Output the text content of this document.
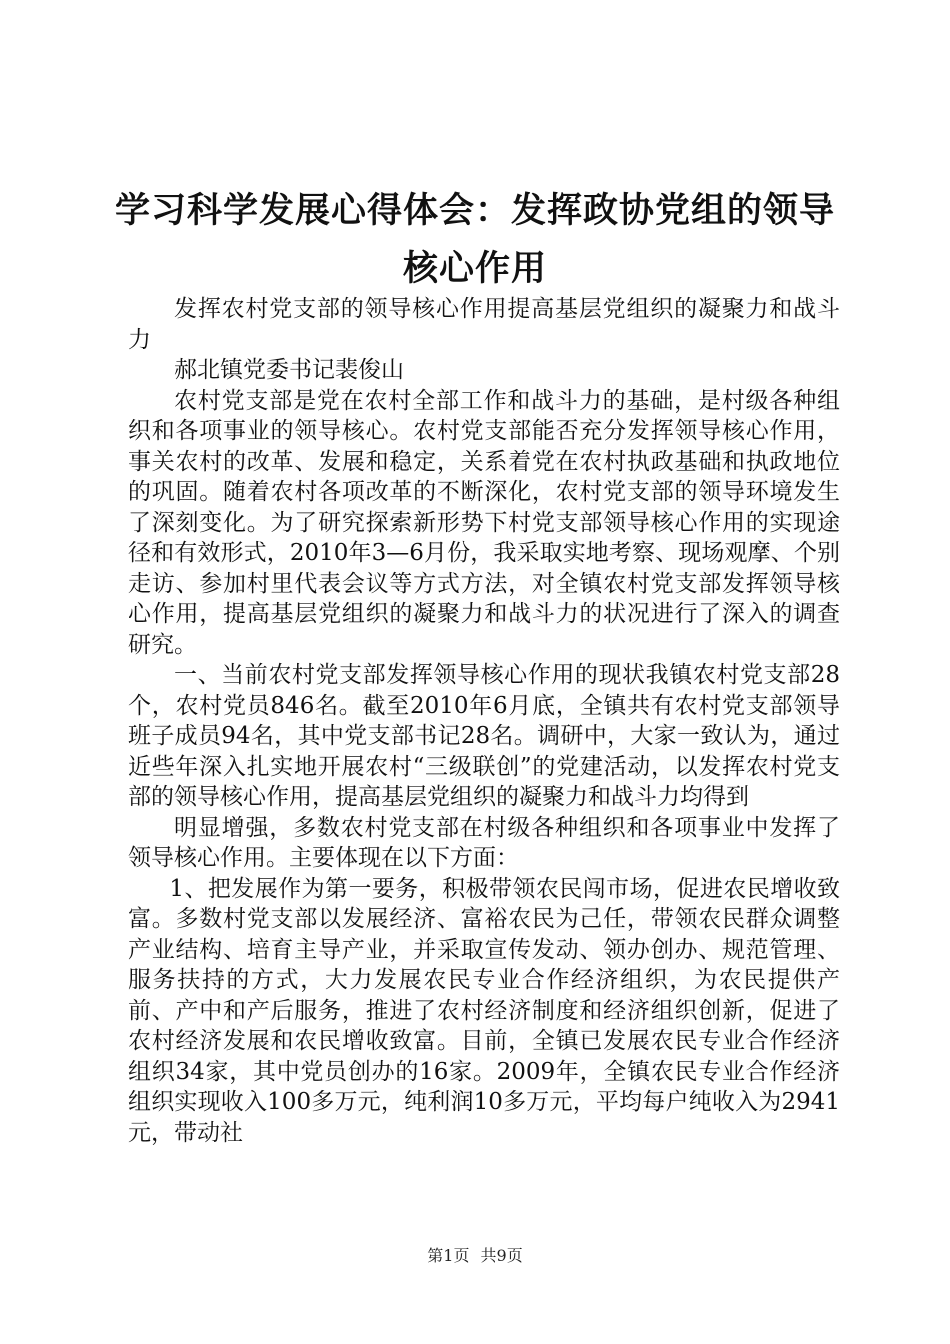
学习科学发展心得体会：发挥政协党组的领导核心作用

发挥农村党支部的领导核心作用提高基层党组织的凝聚力和战斗力

郝北镇党委书记裴俊山

农村党支部是党在农村全部工作和战斗力的基础，是村级各种组织和各项事业的领导核心。农村党支部能否充分发挥领导核心作用，事关农村的改革、发展和稳定，关系着党在农村执政基础和执政地位的巩固。随着农村各项改革的不断深化，农村党支部的领导环境发生了深刻变化。为了研究探索新形势下村党支部领导核心作用的实现途径和有效形式，2010年3—6月份，我采取实地考察、现场观摩、个别走访、参加村里代表会议等方式方法，对全镇农村党支部发挥领导核心作用，提高基层党组织的凝聚力和战斗力的状况进行了深入的调查研究。

一、当前农村党支部发挥领导核心作用的现状我镇农村党支部28个，农村党员846名。截至2010年6月底，全镇共有农村党支部领导班子成员94名，其中党支部书记28名。调研中，大家一致认为，通过近些年深入扎实地开展农村“三级联创”的党建活动，以发挥农村党支部的领导核心作用，提高基层党组织的凝聚力和战斗力均得到

明显增强，多数农村党支部在村级各种组织和各项事业中发挥了领导核心作用。主要体现在以下方面：

1、把发展作为第一要务，积极带领农民闯市场，促进农民增收致富。多数村党支部以发展经济、富裕农民为己任，带领农民群众调整产业结构、培育主导产业，并采取宣传发动、领办创办、规范管理、服务扶持的方式，大力发展农民专业合作经济组织，为农民提供产前、产中和产后服务，推进了农村经济制度和经济组织创新，促进了农村经济发展和农民增收致富。目前，全镇已发展农民专业合作经济组织34家，其中党员创办的16家。2009年，全镇农民专业合作经济组织实现收入100多万元，纯利润10多万元，平均每户纯收入为2941元，带动社

第1页 共9页
